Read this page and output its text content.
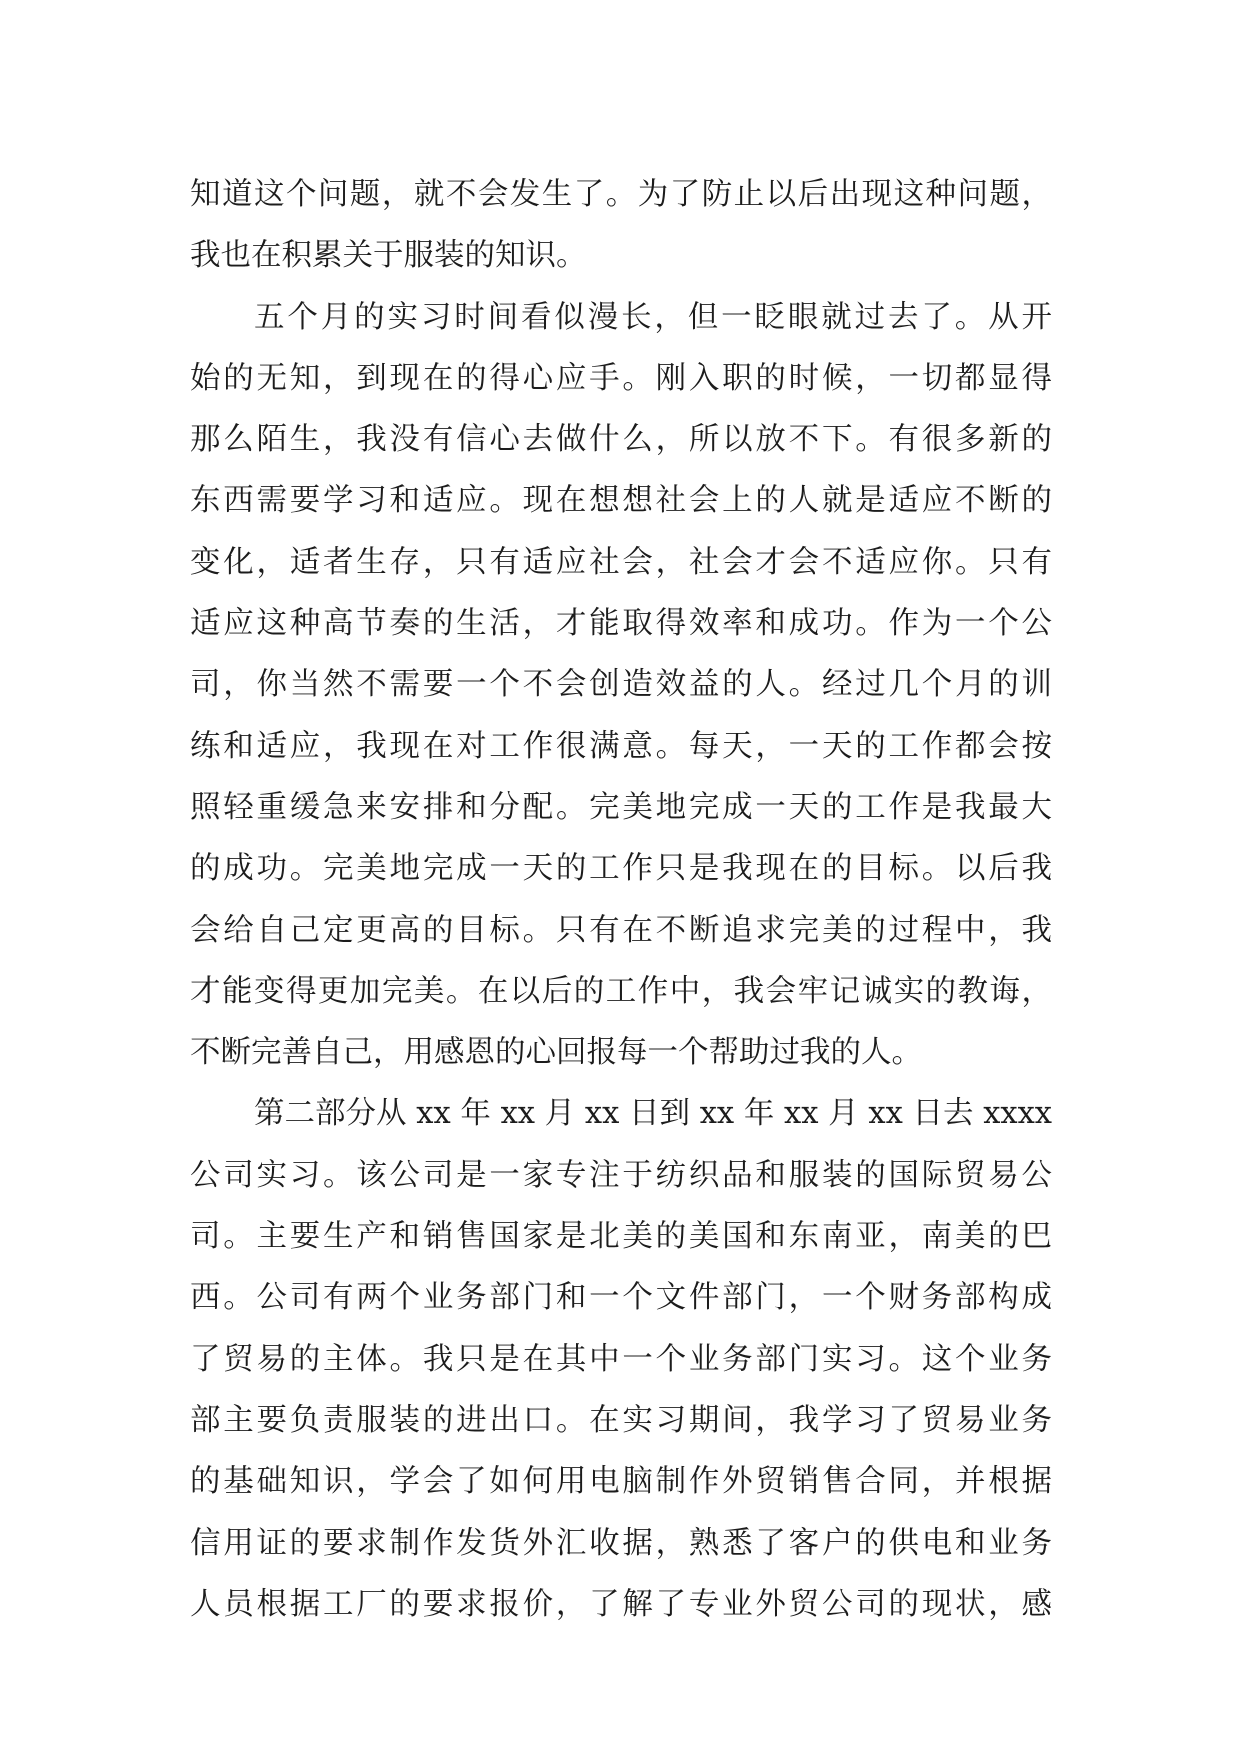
知道这个问题，就不会发生了。为了防止以后出现这种问题，
我也在积累关于服装的知识。
五个月的实习时间看似漫长，但一眨眼就过去了。从开
始的无知，到现在的得心应手。刚入职的时候，一切都显得
那么陌生，我没有信心去做什么，所以放不下。有很多新的
东西需要学习和适应。现在想想社会上的人就是适应不断的
变化，适者生存，只有适应社会，社会才会不适应你。只有
适应这种高节奏的生活，才能取得效率和成功。作为一个公
司，你当然不需要一个不会创造效益的人。经过几个月的训
练和适应，我现在对工作很满意。每天，一天的工作都会按
照轻重缓急来安排和分配。完美地完成一天的工作是我最大
的成功。完美地完成一天的工作只是我现在的目标。以后我
会给自己定更高的目标。只有在不断追求完美的过程中，我
才能变得更加完美。在以后的工作中，我会牢记诚实的教诲，
不断完善自己，用感恩的心回报每一个帮助过我的人。
第二部分从 xx 年 xx 月 xx 日到 xx 年 xx 月 xx 日去 xxxx
公司实习。该公司是一家专注于纺织品和服装的国际贸易公
司。主要生产和销售国家是北美的美国和东南亚，南美的巴
西。公司有两个业务部门和一个文件部门，一个财务部构成
了贸易的主体。我只是在其中一个业务部门实习。这个业务
部主要负责服装的进出口。在实习期间，我学习了贸易业务
的基础知识，学会了如何用电脑制作外贸销售合同，并根据
信用证的要求制作发货外汇收据，熟悉了客户的供电和业务
人员根据工厂的要求报价，了解了专业外贸公司的现状，感
